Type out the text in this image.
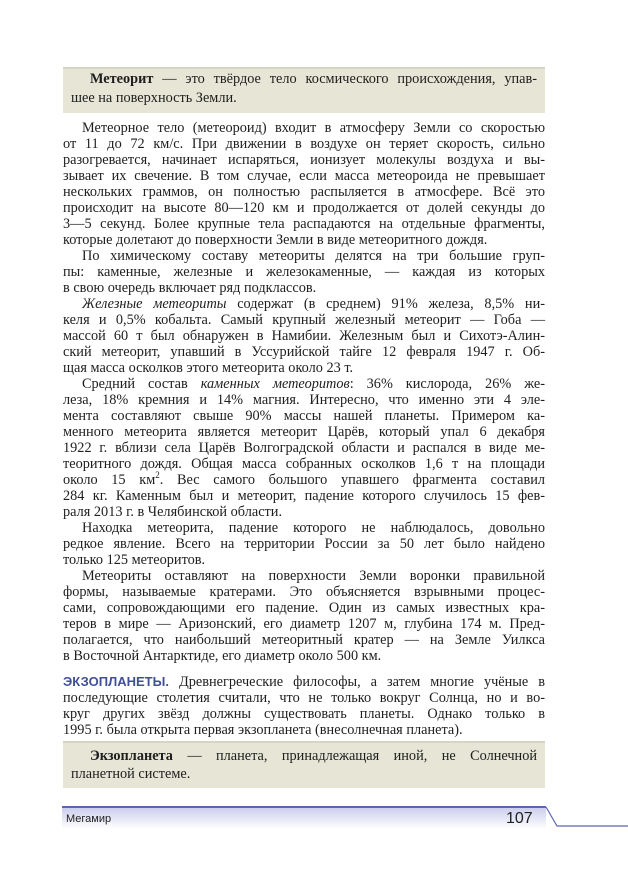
Метеорит — это твёрдое тело космического происхождения, упав-
шее на поверхность Земли.
Метеорное тело (метеороид) входит в атмосферу Земли со скоростью
от 11 до 72 км/с. При движении в воздухе он теряет скорость, сильно
разогревается, начинает испаряться, ионизует молекулы воздуха и вы-
зывает их свечение. В том случае, если масса метеороида не превышает
нескольких граммов, он полностью распыляется в атмосфере. Всё это
происходит на высоте 80—120 км и продолжается от долей секунды до
3—5 секунд. Более крупные тела распадаются на отдельные фрагменты,
которые долетают до поверхности Земли в виде метеоритного дождя.
По химическому составу метеориты делятся на три большие груп-
пы: каменные, железные и железокаменные, — каждая из которых
в свою очередь включает ряд подклассов.
Железные метеориты содержат (в среднем) 91% железа, 8,5% ни-
келя и 0,5% кобальта. Самый крупный железный метеорит — Гоба —
массой 60 т был обнаружен в Намибии. Железным был и Сихотэ-Алин-
ский метеорит, упавший в Уссурийской тайге 12 февраля 1947 г. Об-
щая масса осколков этого метеорита около 23 т.
Средний состав каменных метеоритов: 36% кислорода, 26% же-
леза, 18% кремния и 14% магния. Интересно, что именно эти 4 эле-
мента составляют свыше 90% массы нашей планеты. Примером ка-
менного метеорита является метеорит Царёв, который упал 6 декабря
1922 г. вблизи села Царёв Волгоградской области и распался в виде ме-
теоритного дождя. Общая масса собранных осколков 1,6 т на площади
около 15 $км^2$. Вес самого большого упавшего фрагмента составил
284 кг. Каменным был и метеорит, падение которого случилось 15 фев-
раля 2013 г. в Челябинской области.
Находка метеорита, падение которого не наблюдалось, довольно
редкое явление. Всего на территории России за 50 лет было найдено
только 125 метеоритов.
Метеориты оставляют на поверхности Земли воронки правильной
формы, называемые кратерами. Это объясняется взрывными процес-
сами, сопровождающими его падение. Один из самых известных кра-
теров в мире — Аризонский, его диаметр 1207 м, глубина 174 м. Пред-
полагается, что наибольший метеоритный кратер — на Земле Уилкса
в Восточной Антарктиде, его диаметр около 500 км.
ЭКЗОПЛАНЕТЫ. Древнегреческие философы, а затем многие учёные в
последующие столетия считали, что не только вокруг Солнца, но и во-
круг других звёзд должны существовать планеты. Однако только в
1995 г. была открыта первая экзопланета (внесолнечная планета).
Экзопланета — планета, принадлежащая иной, не Солнечной
планетной системе.
Мегамир	107
